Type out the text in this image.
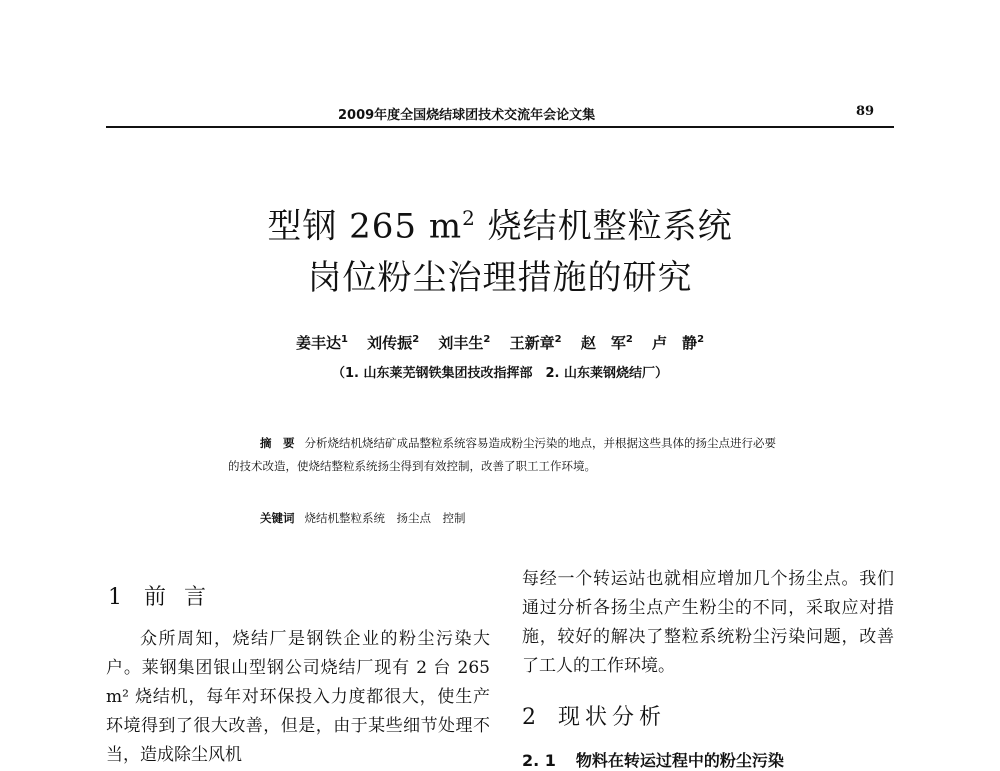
2009年度全国烧结球团技术交流年会论文集	89
型钢 265 $m^2$ 烧结机整粒系统
岗位粉尘治理措施的研究
姜丰达$^1$ 刘传振$^2$ 刘丰生$^2$ 王新章$^2$ 赵　军$^2$ 卢　静$^2$
（1. 山东莱芜钢铁集团技改指挥部　2. 山东莱钢烧结厂）
摘　要 分析烧结机烧结矿成品整粒系统容易造成粉尘污染的地点，并根据这些具体的扬尘点进行必要的技术改造，使烧结整粒系统扬尘得到有效控制，改善了职工工作环境。
关键词 烧结机整粒系统　扬尘点　控制
1 前言
众所周知，烧结厂是钢铁企业的粉尘污染大户。莱钢集团银山型钢公司烧结厂现有 2 台 265 m² 烧结机，每年对环保投入力度都很大，使生产环境得到了很大改善，但是，由于某些细节处理不当，造成除尘风机
每经一个转运站也就相应增加几个扬尘点。我们通过分析各扬尘点产生粉尘的不同，采取应对措施，较好的解决了整粒系统粉尘污染问题，改善了工人的工作环境。
2 现状分析
2. 1 物料在转运过程中的粉尘污染
